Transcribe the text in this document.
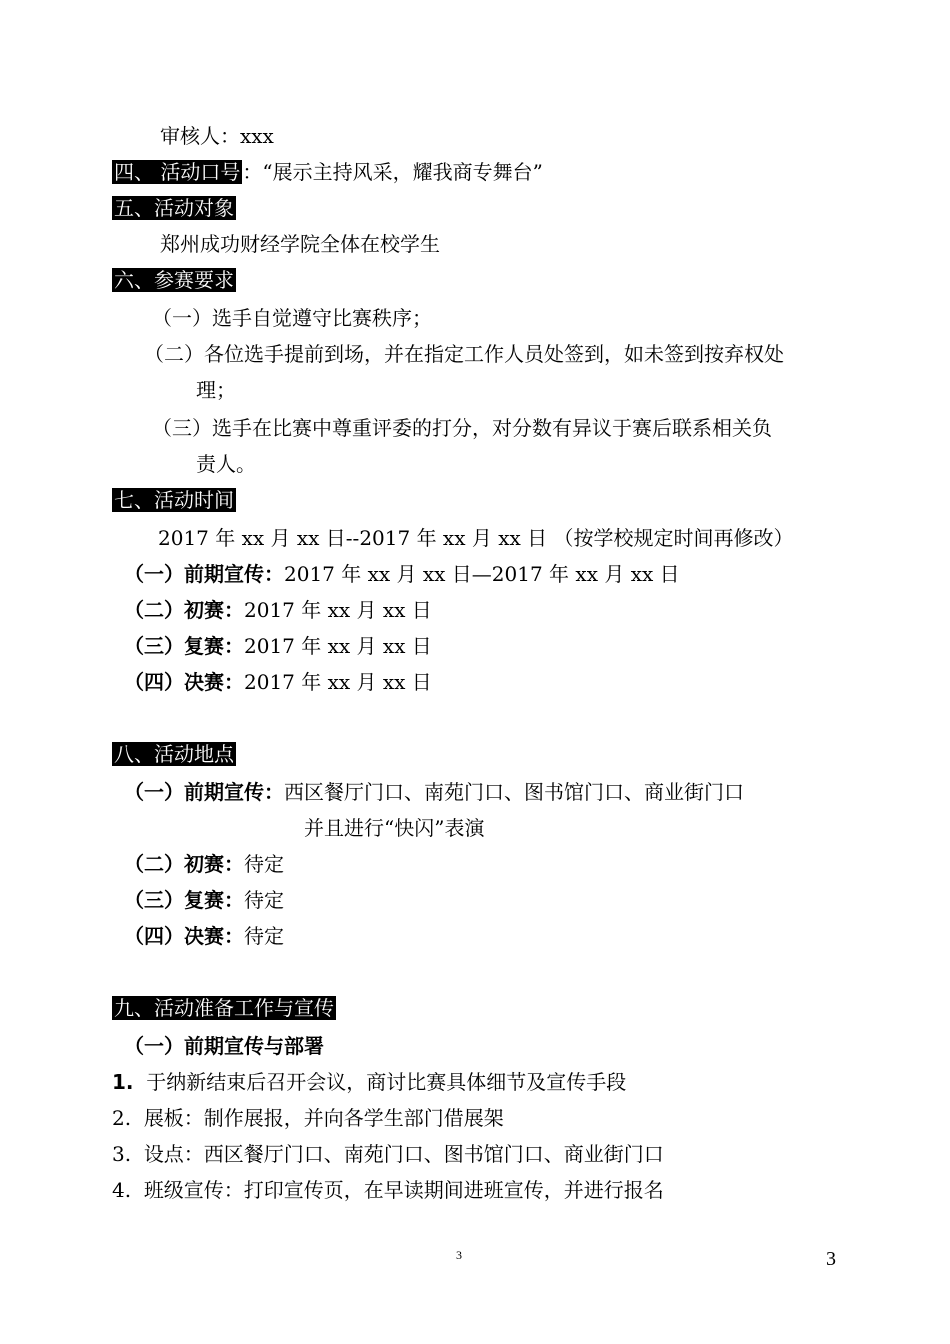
审核人：xxx
四、 活动口号 ：“展示主持风采，耀我商专舞台”
五、活动对象
郑州成功财经学院全体在校学生
六、参赛要求
（一）选手自觉遵守比赛秩序；
（二）各位选手提前到场，并在指定工作人员处签到，如未签到按弃权处
理；
（三）选手在比赛中尊重评委的打分，对分数有异议于赛后联系相关负
责人。
七、活动时间
2017 年 xx 月 xx 日--2017 年 xx 月 xx 日 （按学校规定时间再修改）
（一）前期宣传：2017 年 xx 月 xx 日—2017 年 xx 月 xx 日
（二）初赛：2017 年 xx 月 xx 日
（三）复赛：2017 年 xx 月 xx 日
（四）决赛：2017 年 xx 月 xx 日
八、活动地点
（一）前期宣传：西区餐厅门口、南苑门口、图书馆门口、商业街门口
并且进行“快闪”表演
（二）初赛：待定
（三）复赛：待定
（四）决赛：待定
九、活动准备工作与宣传
（一）前期宣传与部署
1. 于纳新结束后召开会议，商讨比赛具体细节及宣传手段
2. 展板：制作展报，并向各学生部门借展架
3. 设点：西区餐厅门口、南苑门口、图书馆门口、商业街门口
4. 班级宣传：打印宣传页，在早读期间进班宣传，并进行报名
3	3
